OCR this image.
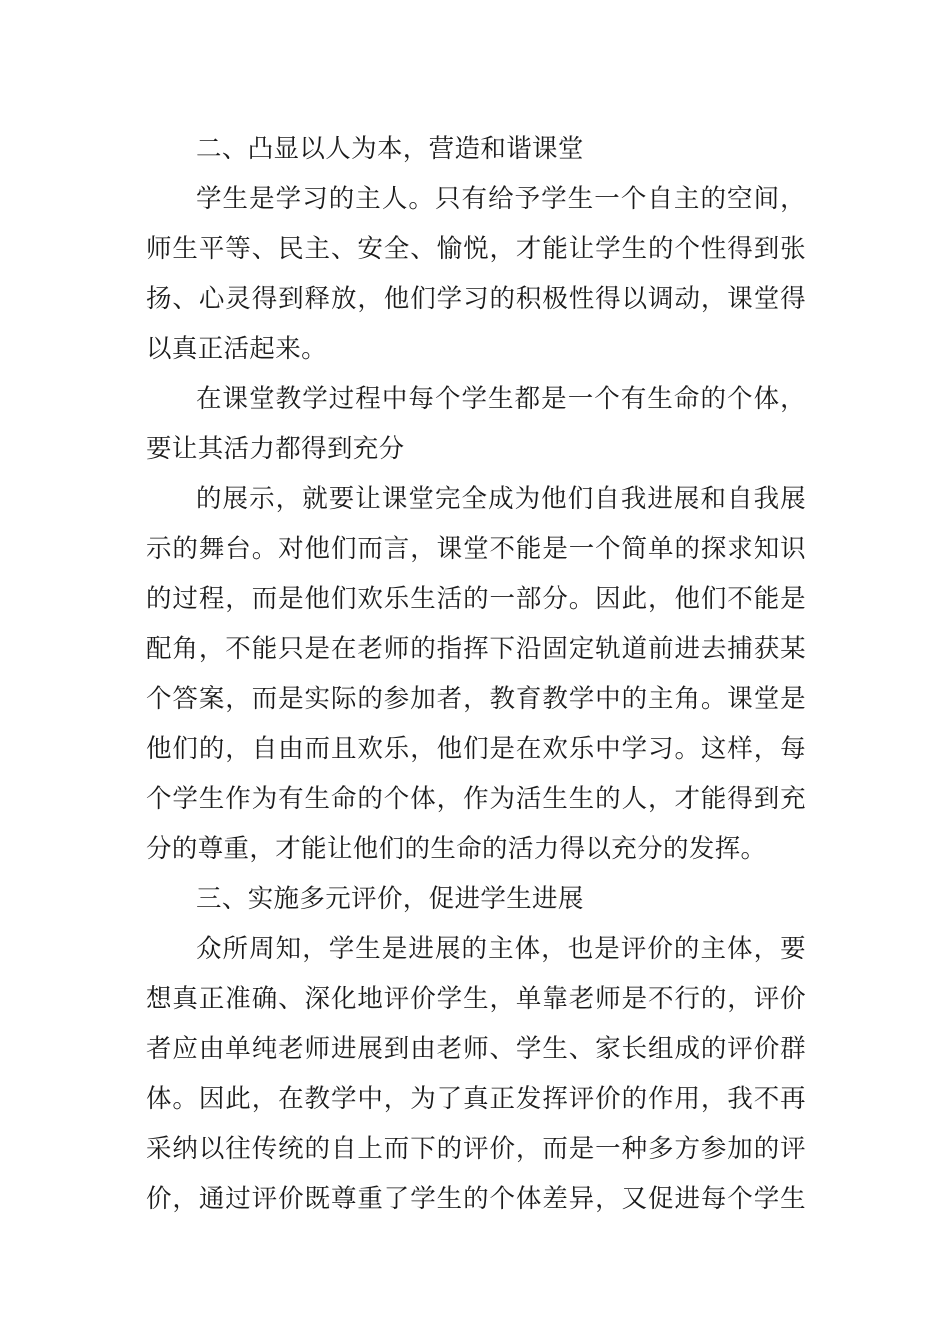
二、凸显以人为本，营造和谐课堂
学生是学习的主人。只有给予学生一个自主的空间，
师生平等、民主、安全、愉悦，才能让学生的个性得到张
扬、心灵得到释放，他们学习的积极性得以调动，课堂得
以真正活起来。
在课堂教学过程中每个学生都是一个有生命的个体，
要让其活力都得到充分
的展示，就要让课堂完全成为他们自我进展和自我展
示的舞台。对他们而言，课堂不能是一个简单的探求知识
的过程，而是他们欢乐生活的一部分。因此，他们不能是
配角，不能只是在老师的指挥下沿固定轨道前进去捕获某
个答案，而是实际的参加者，教育教学中的主角。课堂是
他们的，自由而且欢乐，他们是在欢乐中学习。这样，每
个学生作为有生命的个体，作为活生生的人，才能得到充
分的尊重，才能让他们的生命的活力得以充分的发挥。
三、实施多元评价，促进学生进展
众所周知，学生是进展的主体，也是评价的主体，要
想真正准确、深化地评价学生，单靠老师是不行的，评价
者应由单纯老师进展到由老师、学生、家长组成的评价群
体。因此，在教学中，为了真正发挥评价的作用，我不再
采纳以往传统的自上而下的评价，而是一种多方参加的评
价，通过评价既尊重了学生的个体差异，又促进每个学生
